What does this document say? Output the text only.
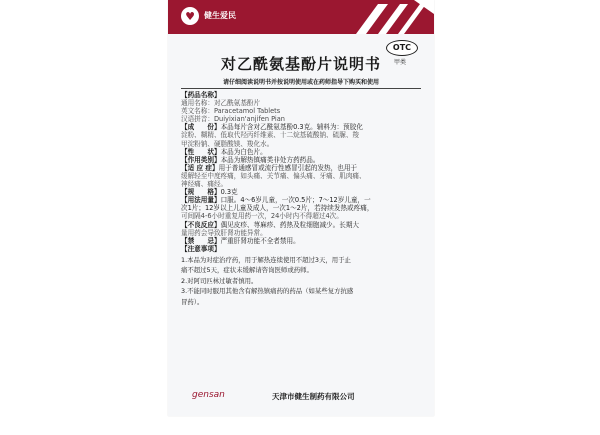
♥ 健生爱民
OTC
甲类
对乙酰氨基酚片说明书
请仔细阅读说明书并按说明使用或在药师指导下购买和使用
【药品名称】
通用名称：对乙酰氨基酚片
英文名称：Paracetamol Tablets
汉语拼音：Duiyixian'anjifen Pian
【成　　份】本品每片含对乙酰氨基酚0.3克。辅料为：预胶化
淀粉、糊精、低取代羟丙纤维素、十二烷基硫酸钠、硫脲、羧
甲淀粉钠、硬脂酸镁、羧化水。
【性　　状】本品为白色片。
【作用类别】本品为解热镇痛类非处方药药品。
【适 应 症】用于普通感冒或流行性感冒引起的发热，也用于
缓解轻至中度疼痛，如头痛、关节痛、偏头痛、牙痛、肌肉痛、
神经痛、痛经。
【规　　格】0.3克
【用法用量】口服。4～6岁儿童，一次0.5片；7～12岁儿童，一
次1片；12岁以上儿童及成人，一次1～2片，若持续发热或疼痛，
可间隔4-6小时重复用药一次，24小时内不得超过4次。
【不良反应】偶见皮疹、荨麻疹、药热及粒细胞减少。长期大
量用药会导致肝肾功能异常。
【禁　　忌】严重肝肾功能不全者禁用。
【注意事项】
1.本品为对症治疗药，用于解热连续使用不超过3天，用于止
痛不超过5天，症状未缓解请咨询医师或药师。
2.对阿司匹林过敏者慎用。
3.不能同时服用其他含有解热镇痛药的药品（如某些复方抗感
冒药）。
gensan	天津市健生制药有限公司
